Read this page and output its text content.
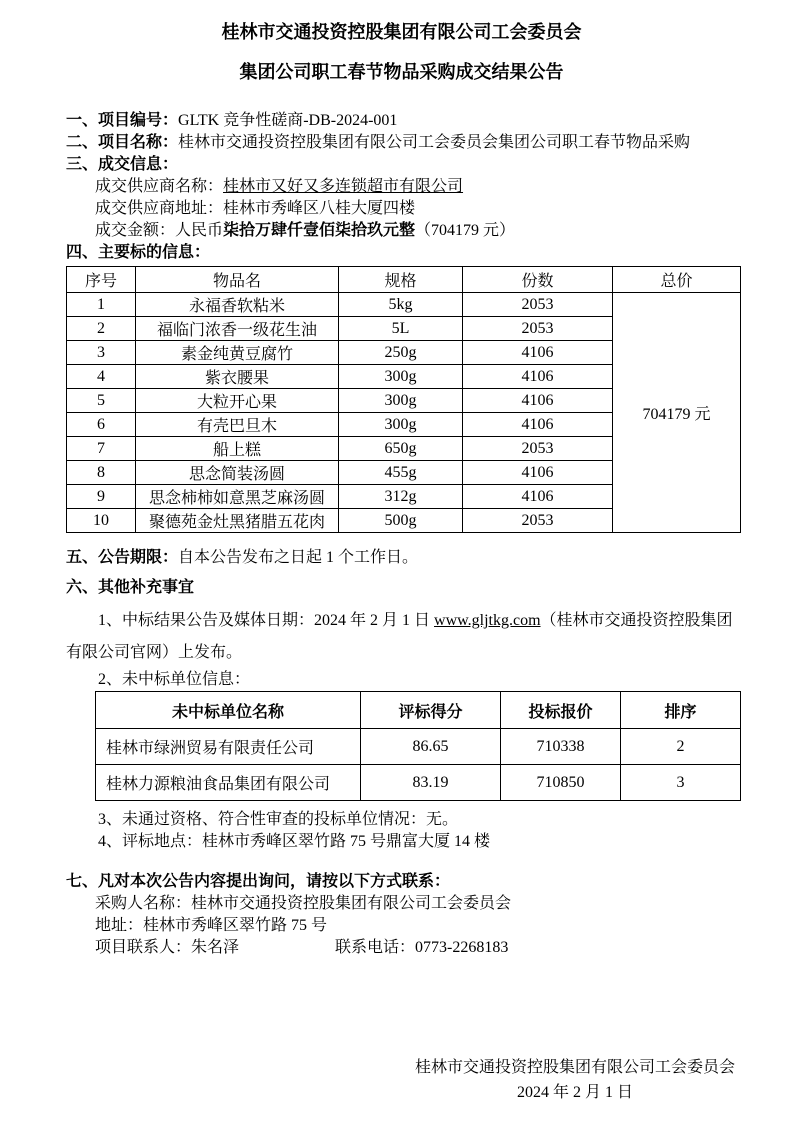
桂林市交通投资控股集团有限公司工会委员会
集团公司职工春节物品采购成交结果公告
一、项目编号：GLTK 竞争性磋商-DB-2024-001
二、项目名称：桂林市交通投资控股集团有限公司工会委员会集团公司职工春节物品采购
三、成交信息：
成交供应商名称：桂林市又好又多连锁超市有限公司
成交供应商地址：桂林市秀峰区八桂大厦四楼
成交金额：人民币柒拾万肆仟壹佰柒拾玖元整（704179 元）
四、主要标的信息：
序号	物品名	规格	份数	总价
1	永福香软粘米	5kg	2053	704179 元
2	福临门浓香一级花生油	5L	2053	
3	素金纯黄豆腐竹	250g	4106	
4	紫衣腰果	300g	4106	
5	大粒开心果	300g	4106	
6	有壳巴旦木	300g	4106	
7	船上糕	650g	2053	
8	思念简装汤圆	455g	4106	
9	思念柿柿如意黑芝麻汤圆	312g	4106	
10	聚德苑金灶黑猪腊五花肉	500g	2053	
五、公告期限：自本公告发布之日起 1 个工作日。
六、其他补充事宜
1、中标结果公告及媒体日期：2024 年 2 月 1 日 www.gljtkg.com（桂林市交通投资控股集团
有限公司官网）上发布。
2、未中标单位信息：
未中标单位名称	评标得分	投标报价	排序
桂林市绿洲贸易有限责任公司	86.65	710338	2
桂林力源粮油食品集团有限公司	83.19	710850	3
3、未通过资格、符合性审查的投标单位情况：无。
4、评标地点：桂林市秀峰区翠竹路 75 号鼎富大厦 14 楼
七、凡对本次公告内容提出询问，请按以下方式联系：
采购人名称：桂林市交通投资控股集团有限公司工会委员会
地址：桂林市秀峰区翠竹路 75 号
项目联系人：朱名泽	联系电话：0773-2268183
桂林市交通投资控股集团有限公司工会委员会
2024 年 2 月 1 日
